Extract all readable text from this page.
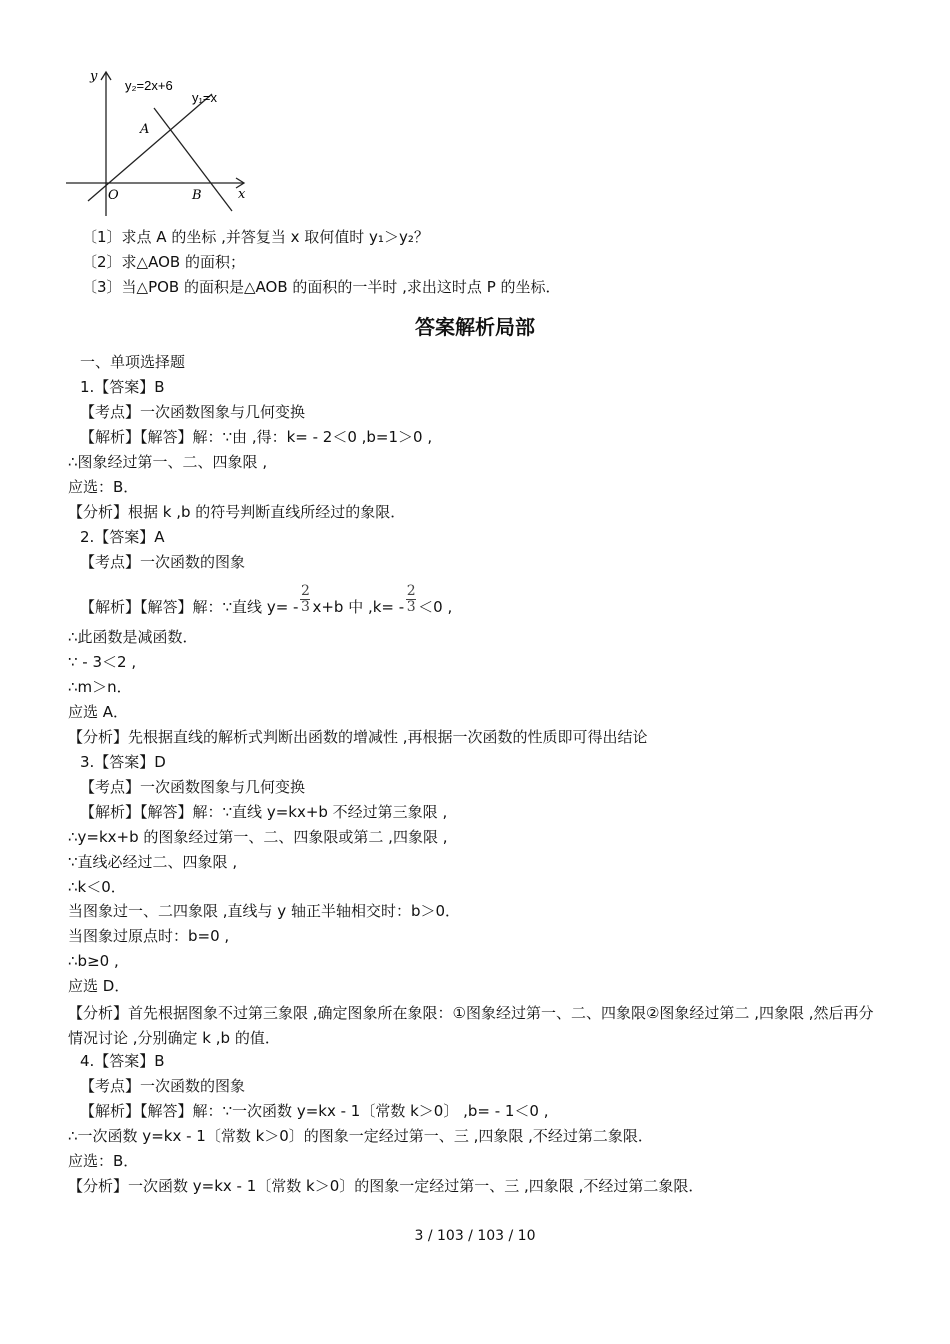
y
x
y₂=2x+6
y₁=x
A
O	B
〔1〕求点 A 的坐标 ,并答复当 x 取何值时 y₁＞y₂？
〔2〕求△AOB 的面积；
〔3〕当△POB 的面积是△AOB 的面积的一半时 ,求出这时点 P 的坐标．
答案解析局部
一、单项选择题
1.【答案】B
【考点】一次函数图象与几何变换
【解析】【解答】解：∵由 ,得：k= - 2＜0 ,b=1＞0 ,
∴图象经过第一、二、四象限 ,
应选：B．
【分析】根据 k ,b 的符号判断直线所经过的象限．
2.【答案】A
【考点】一次函数的图象
【解析】【解答】解：∵直线 $y= - \frac{2}{3} x+b$ 中 $,k= - \frac{2}{3} <0$ ,
∴此函数是减函数．
∵ - 3＜2 ,
∴m＞n．
应选 A．
【分析】先根据直线的解析式判断出函数的增减性 ,再根据一次函数的性质即可得出结论
3.【答案】D
【考点】一次函数图象与几何变换
【解析】【解答】解：∵直线 y=kx+b 不经过第三象限 ,
∴y=kx+b 的图象经过第一、二、四象限或第二 ,四象限 ,
∵直线必经过二、四象限 ,
∴k＜0．
当图象过一、二四象限 ,直线与 y 轴正半轴相交时：b＞0．
当图象过原点时：b=0 ,
∴b≥0 ,
应选 D．
【分析】首先根据图象不过第三象限 ,确定图象所在象限：①图象经过第一、二、四象限②图象经过第二 ,四象限 ,然后再分情况讨论 ,分别确定 k ,b 的值．
4.【答案】B
【考点】一次函数的图象
【解析】【解答】解：∵一次函数 y=kx - 1〔常数 k＞0〕 ,b= - 1＜0 ,
∴一次函数 y=kx - 1〔常数 k＞0〕的图象一定经过第一、三 ,四象限 ,不经过第二象限．
应选：B．
【分析】一次函数 y=kx - 1〔常数 k＞0〕的图象一定经过第一、三 ,四象限 ,不经过第二象限．
3 / 103 / 103 / 10
